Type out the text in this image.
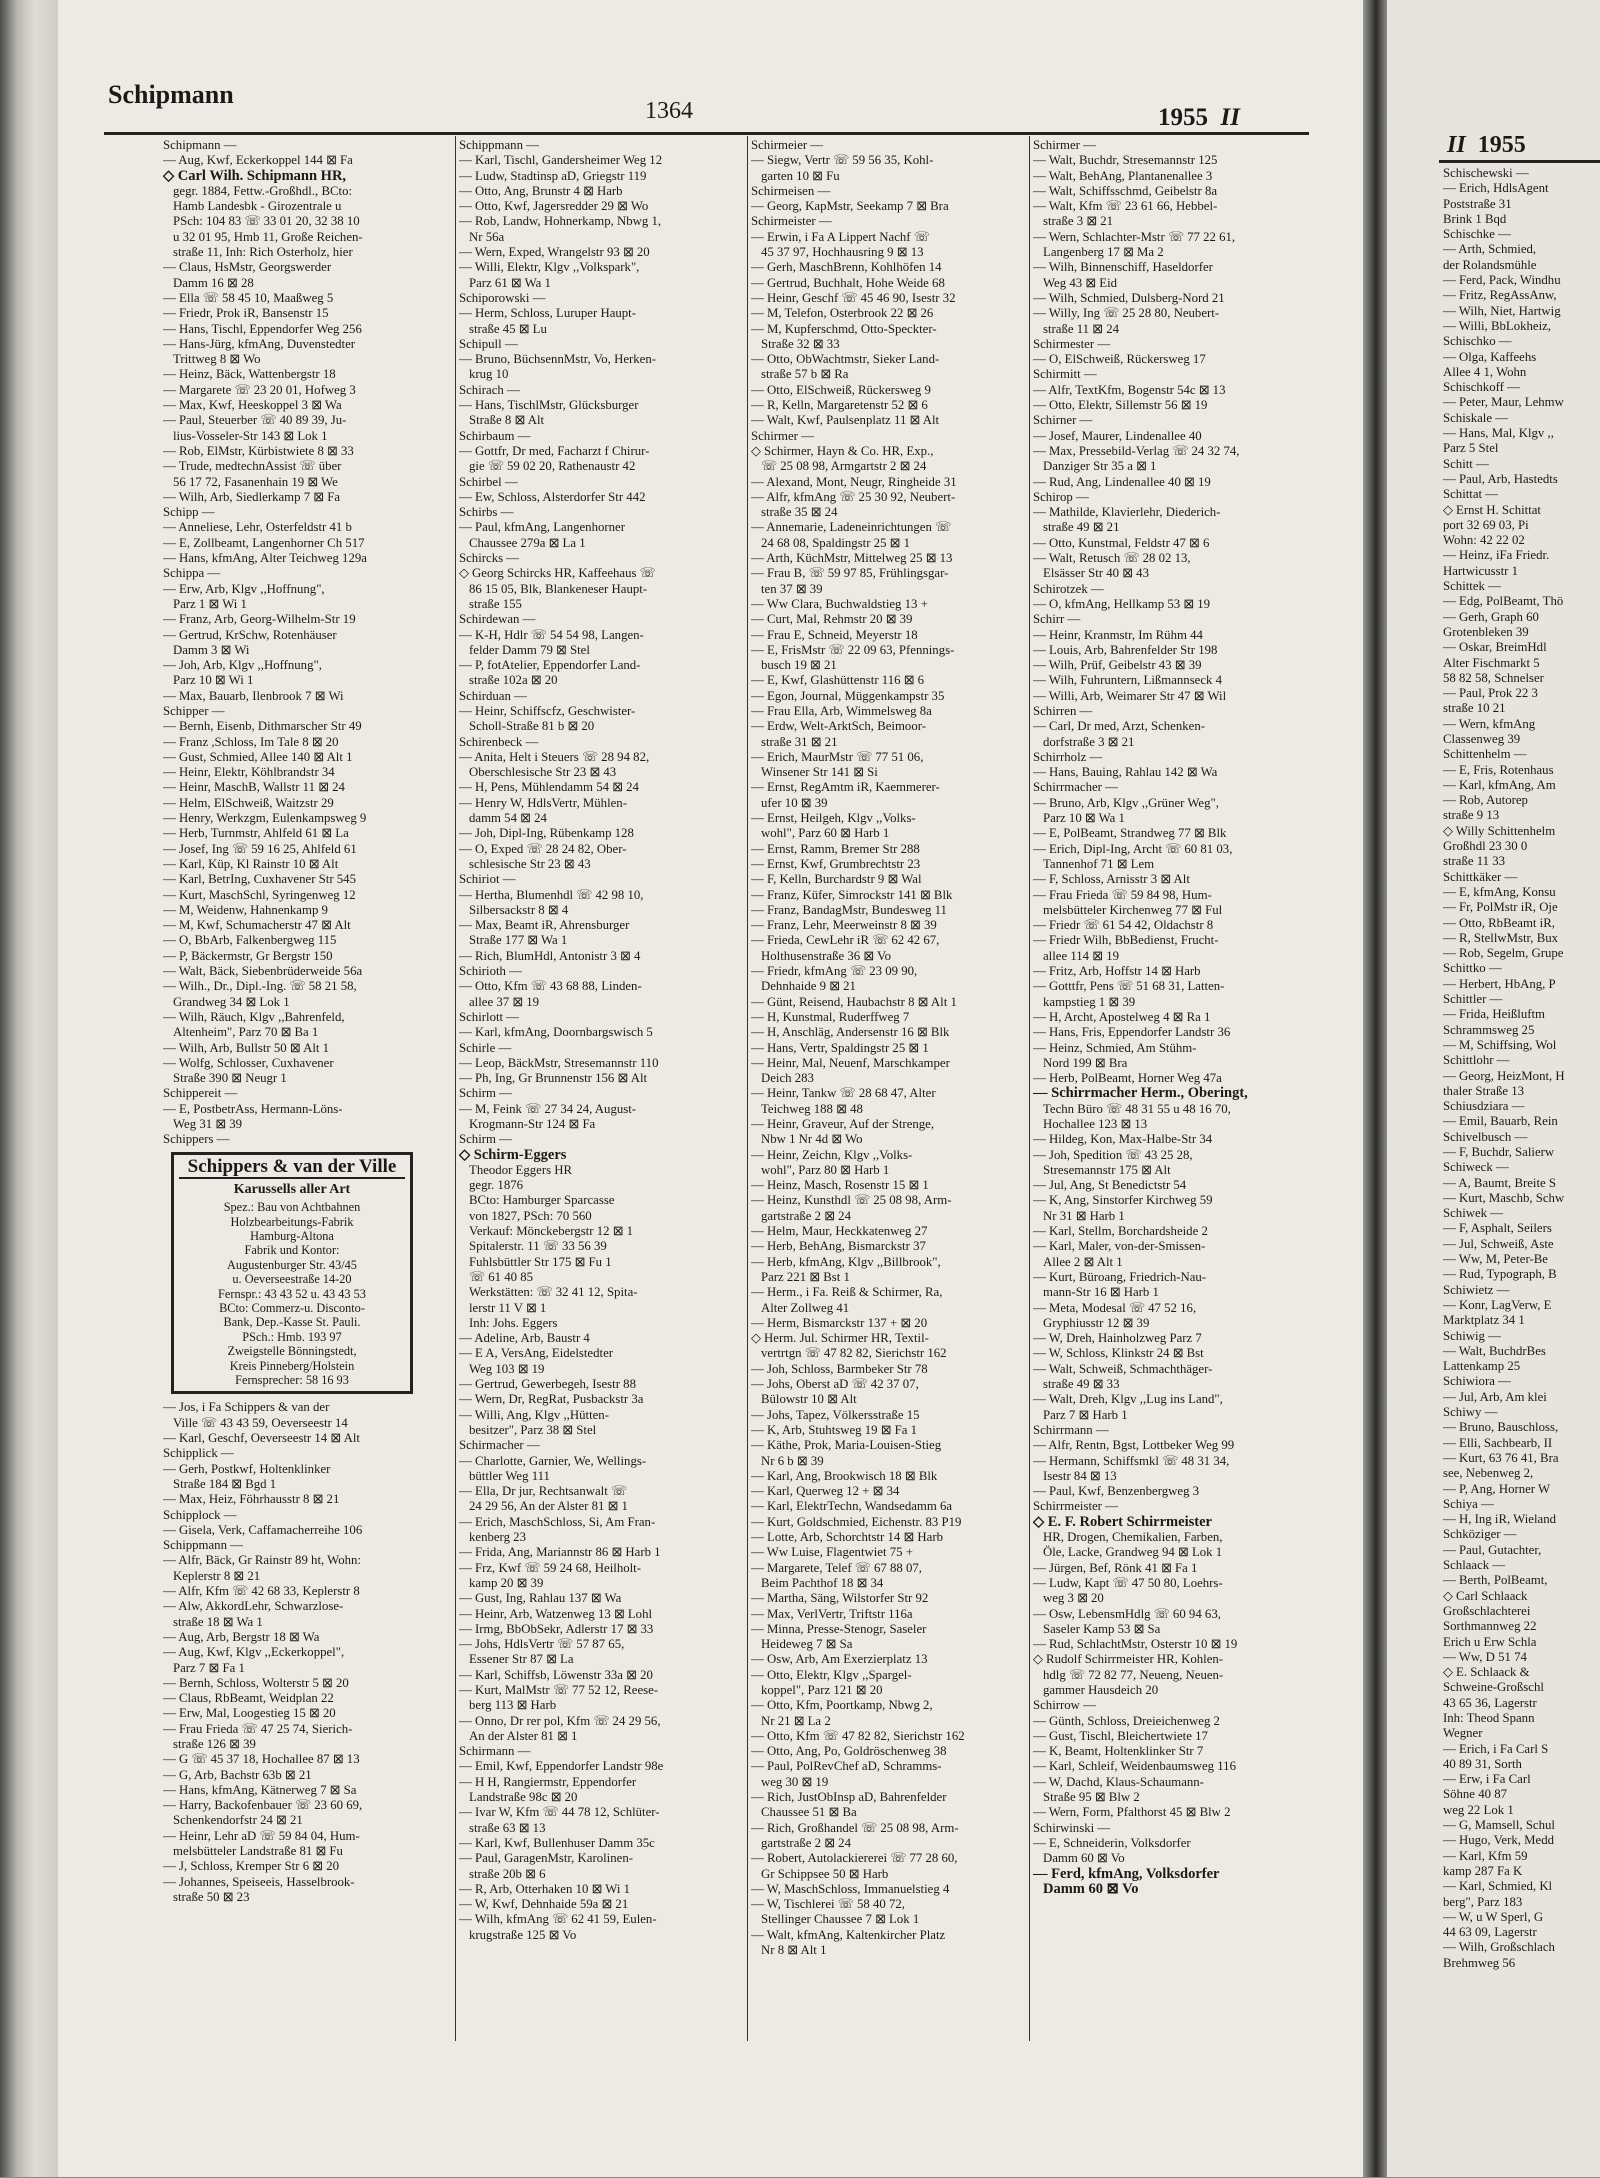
Schipmann
1364	1955 II
Schipmann —
— Aug, Kwf, Eckerkoppel 144 ⊠ Fa
◇ Carl Wilh. Schipmann HR,
gegr. 1884, Fettw.-Großhdl., BCto:
Hamb Landesbk - Girozentrale u
PSch: 104 83 ☏ 33 01 20, 32 38 10
u 32 01 95, Hmb 11, Große Reichen-
straße 11, Inh: Rich Osterholz, hier
— Claus, HsMstr, Georgswerder
Damm 16 ⊠ 28
— Ella ☏ 58 45 10, Maaßweg 5
— Friedr, Prok iR, Bansenstr 15
— Hans, Tischl, Eppendorfer Weg 256
— Hans-Jürg, kfmAng, Duvenstedter
Trittweg 8 ⊠ Wo
— Heinz, Bäck, Wattenbergstr 18
— Margarete ☏ 23 20 01, Hofweg 3
— Max, Kwf, Heeskoppel 3 ⊠ Wa
— Paul, Steuerber ☏ 40 89 39, Ju-
lius-Vosseler-Str 143 ⊠ Lok 1
— Rob, ElMstr, Kürbistwiete 8 ⊠ 33
— Trude, medtechnAssist ☏ über
56 17 72, Fasanenhain 19 ⊠ We
— Wilh, Arb, Siedlerkamp 7 ⊠ Fa
Schipp —
— Anneliese, Lehr, Osterfeldstr 41 b
— E, Zollbeamt, Langenhorner Ch 517
— Hans, kfmAng, Alter Teichweg 129a
Schippa —
— Erw, Arb, Klgv ,,Hoffnung",
Parz 1 ⊠ Wi 1
— Franz, Arb, Georg-Wilhelm-Str 19
— Gertrud, KrSchw, Rotenhäuser
Damm 3 ⊠ Wi
— Joh, Arb, Klgv ,,Hoffnung",
Parz 10 ⊠ Wi 1
— Max, Bauarb, Ilenbrook 7 ⊠ Wi
Schipper —
— Bernh, Eisenb, Dithmarscher Str 49
— Franz ,Schloss, Im Tale 8 ⊠ 20
— Gust, Schmied, Allee 140 ⊠ Alt 1
— Heinr, Elektr, Köhlbrandstr 34
— Heinr, MaschB, Wallstr 11 ⊠ 24
— Helm, ElSchweiß, Waitzstr 29
— Henry, Werkzgm, Eulenkampsweg 9
— Herb, Turnmstr, Ahlfeld 61 ⊠ La
— Josef, Ing ☏ 59 16 25, Ahlfeld 61
— Karl, Küp, Kl Rainstr 10 ⊠ Alt
— Karl, BetrIng, Cuxhavener Str 545
— Kurt, MaschSchl, Syringenweg 12
— M, Weidenw, Hahnenkamp 9
— M, Kwf, Schumacherstr 47 ⊠ Alt
— O, BbArb, Falkenbergweg 115
— P, Bäckermstr, Gr Bergstr 150
— Walt, Bäck, Siebenbrüderweide 56a
— Wilh., Dr., Dipl.-Ing. ☏ 58 21 58,
Grandweg 34 ⊠ Lok 1
— Wilh, Räuch, Klgv ,,Bahrenfeld,
Altenheim", Parz 70 ⊠ Ba 1
— Wilh, Arb, Bullstr 50 ⊠ Alt 1
— Wolfg, Schlosser, Cuxhavener
Straße 390 ⊠ Neugr 1
Schippereit —
— E, PostbetrAss, Hermann-Löns-
Weg 31 ⊠ 39
Schippers —
Schippers & van der Ville
Karussells aller Art
Spez.: Bau von Achtbahnen
Holzbearbeitungs-Fabrik
Hamburg-Altona
Fabrik und Kontor:
Augustenburger Str. 43/45
u. Oeverseestraße 14-20
Fernspr.: 43 43 52 u. 43 43 53
BCto: Commerz-u. Disconto-
Bank, Dep.-Kasse St. Pauli.
PSch.: Hmb. 193 97
Zweigstelle Bönningstedt,
Kreis Pinneberg/Holstein
Fernsprecher: 58 16 93
— Jos, i Fa Schippers & van der
Ville ☏ 43 43 59, Oeverseestr 14
— Karl, Geschf, Oeverseestr 14 ⊠ Alt
Schipplick —
— Gerh, Postkwf, Holtenklinker
Straße 184 ⊠ Bgd 1
— Max, Heiz, Föhrhausstr 8 ⊠ 21
Schipplock —
— Gisela, Verk, Caffamacherreihe 106
Schippmann —
— Alfr, Bäck, Gr Rainstr 89 ht, Wohn:
Keplerstr 8 ⊠ 21
— Alfr, Kfm ☏ 42 68 33, Keplerstr 8
— Alw, AkkordLehr, Schwarzlose-
straße 18 ⊠ Wa 1
— Aug, Arb, Bergstr 18 ⊠ Wa
— Aug, Kwf, Klgv ,,Eckerkoppel",
Parz 7 ⊠ Fa 1
— Bernh, Schloss, Wolterstr 5 ⊠ 20
— Claus, RbBeamt, Weidplan 22
— Erw, Mal, Loogestieg 15 ⊠ 20
— Frau Frieda ☏ 47 25 74, Sierich-
straße 126 ⊠ 39
— G ☏ 45 37 18, Hochallee 87 ⊠ 13
— G, Arb, Bachstr 63b ⊠ 21
— Hans, kfmAng, Kätnerweg 7 ⊠ Sa
— Harry, Backofenbauer ☏ 23 60 69,
Schenkendorfstr 24 ⊠ 21
— Heinr, Lehr aD ☏ 59 84 04, Hum-
melsbütteler Landstraße 81 ⊠ Fu
— J, Schloss, Kremper Str 6 ⊠ 20
— Johannes, Speiseeis, Hasselbrook-
straße 50 ⊠ 23
Schippmann —
— Karl, Tischl, Gandersheimer Weg 12
— Ludw, Stadtinsp aD, Griegstr 119
— Otto, Ang, Brunstr 4 ⊠ Harb
— Otto, Kwf, Jagersredder 29 ⊠ Wo
— Rob, Landw, Hohnerkamp, Nbwg 1,
Nr 56a
— Wern, Exped, Wrangelstr 93 ⊠ 20
— Willi, Elektr, Klgv ,,Volkspark",
Parz 61 ⊠ Wa 1
Schiporowski —
— Herm, Schloss, Luruper Haupt-
straße 45 ⊠ Lu
Schipull —
— Bruno, BüchsennMstr, Vo, Herken-
krug 10
Schirach —
— Hans, TischlMstr, Glücksburger
Straße 8 ⊠ Alt
Schirbaum —
— Gottfr, Dr med, Facharzt f Chirur-
gie ☏ 59 02 20, Rathenaustr 42
Schirbel —
— Ew, Schloss, Alsterdorfer Str 442
Schirbs —
— Paul, kfmAng, Langenhorner
Chaussee 279a ⊠ La 1
Schircks —
◇ Georg Schircks HR, Kaffeehaus ☏
86 15 05, Blk, Blankeneser Haupt-
straße 155
Schirdewan —
— K-H, Hdlr ☏ 54 54 98, Langen-
felder Damm 79 ⊠ Stel
— P, fotAtelier, Eppendorfer Land-
straße 102a ⊠ 20
Schirduan —
— Heinr, Schiffscfz, Geschwister-
Scholl-Straße 81 b ⊠ 20
Schirenbeck —
— Anita, Helt i Steuers ☏ 28 94 82,
Oberschlesische Str 23 ⊠ 43
— H, Pens, Mühlendamm 54 ⊠ 24
— Henry W, HdlsVertr, Mühlen-
damm 54 ⊠ 24
— Joh, Dipl-Ing, Rübenkamp 128
— O, Exped ☏ 28 24 82, Ober-
schlesische Str 23 ⊠ 43
Schiriot —
— Hertha, Blumenhdl ☏ 42 98 10,
Silbersackstr 8 ⊠ 4
— Max, Beamt iR, Ahrensburger
Straße 177 ⊠ Wa 1
— Rich, BlumHdl, Antonistr 3 ⊠ 4
Schirioth —
— Otto, Kfm ☏ 43 68 88, Linden-
allee 37 ⊠ 19
Schirlott —
— Karl, kfmAng, Doornbargswisch 5
Schirle —
— Leop, BäckMstr, Stresemannstr 110
— Ph, Ing, Gr Brunnenstr 156 ⊠ Alt
Schirm —
— M, Feink ☏ 27 34 24, August-
Krogmann-Str 124 ⊠ Fa
Schirm —
◇ Schirm-Eggers
Theodor Eggers HR
gegr. 1876
BCto: Hamburger Sparcasse
von 1827, PSch: 70 560
Verkauf: Mönckebergstr 12 ⊠ 1
Spitalerstr. 11 ☏ 33 56 39
Fuhlsbüttler Str 175 ⊠ Fu 1
☏ 61 40 85
Werkstätten: ☏ 32 41 12, Spita-
lerstr 11 V ⊠ 1
Inh: Johs. Eggers
— Adeline, Arb, Baustr 4
— E A, VersAng, Eidelstedter
Weg 103 ⊠ 19
— Gertrud, Gewerbegeh, Isestr 88
— Wern, Dr, RegRat, Pusbackstr 3a
— Willi, Ang, Klgv ,,Hütten-
besitzer", Parz 38 ⊠ Stel
Schirmacher —
— Charlotte, Garnier, We, Wellings-
büttler Weg 111
— Ella, Dr jur, Rechtsanwalt ☏
24 29 56, An der Alster 81 ⊠ 1
— Erich, MaschSchloss, Si, Am Fran-
kenberg 23
— Frida, Ang, Mariannstr 86 ⊠ Harb 1
— Frz, Kwf ☏ 59 24 68, Heilholt-
kamp 20 ⊠ 39
— Gust, Ing, Rahlau 137 ⊠ Wa
— Heinr, Arb, Watzenweg 13 ⊠ Lohl
— Irmg, BbObSekr, Adlerstr 17 ⊠ 33
— Johs, HdlsVertr ☏ 57 87 65,
Essener Str 87 ⊠ La
— Karl, Schiffsb, Löwenstr 33a ⊠ 20
— Kurt, MalMstr ☏ 77 52 12, Reese-
berg 113 ⊠ Harb
— Onno, Dr rer pol, Kfm ☏ 24 29 56,
An der Alster 81 ⊠ 1
Schirmann —
— Emil, Kwf, Eppendorfer Landstr 98e
— H H, Rangiermstr, Eppendorfer
Landstraße 98c ⊠ 20
— Ivar W, Kfm ☏ 44 78 12, Schlüter-
straße 63 ⊠ 13
— Karl, Kwf, Bullenhuser Damm 35c
— Paul, GaragenMstr, Karolinen-
straße 20b ⊠ 6
— R, Arb, Otterhaken 10 ⊠ Wi 1
— W, Kwf, Dehnhaide 59a ⊠ 21
— Wilh, kfmAng ☏ 62 41 59, Eulen-
krugstraße 125 ⊠ Vo
Schirmeier —
— Siegw, Vertr ☏ 59 56 35, Kohl-
garten 10 ⊠ Fu
Schirmeisen —
— Georg, KapMstr, Seekamp 7 ⊠ Bra
Schirmeister —
— Erwin, i Fa A Lippert Nachf ☏
45 37 97, Hochhausring 9 ⊠ 13
— Gerh, MaschBrenn, Kohlhöfen 14
— Gertrud, Buchhalt, Hohe Weide 68
— Heinr, Geschf ☏ 45 46 90, Isestr 32
— M, Telefon, Osterbrook 22 ⊠ 26
— M, Kupferschmd, Otto-Speckter-
Straße 32 ⊠ 33
— Otto, ObWachtmstr, Sieker Land-
straße 57 b ⊠ Ra
— Otto, ElSchweiß, Rückersweg 9
— R, Kelln, Margaretenstr 52 ⊠ 6
— Walt, Kwf, Paulsenplatz 11 ⊠ Alt
Schirmer —
◇ Schirmer, Hayn & Co. HR, Exp.,
☏ 25 08 98, Armgartstr 2 ⊠ 24
— Alexand, Mont, Neugr, Ringheide 31
— Alfr, kfmAng ☏ 25 30 92, Neubert-
straße 35 ⊠ 24
— Annemarie, Ladeneinrichtungen ☏
24 68 08, Spaldingstr 25 ⊠ 1
— Arth, KüchMstr, Mittelweg 25 ⊠ 13
— Frau B, ☏ 59 97 85, Frühlingsgar-
ten 37 ⊠ 39
— Ww Clara, Buchwaldstieg 13 +
— Curt, Mal, Rehmstr 20 ⊠ 39
— Frau E, Schneid, Meyerstr 18
— E, FrisMstr ☏ 22 09 63, Pfennings-
busch 19 ⊠ 21
— E, Kwf, Glashüttenstr 116 ⊠ 6
— Egon, Journal, Müggenkampstr 35
— Frau Ella, Arb, Wimmelsweg 8a
— Erdw, Welt-ArktSch, Beimoor-
straße 31 ⊠ 21
— Erich, MaurMstr ☏ 77 51 06,
Winsener Str 141 ⊠ Si
— Ernst, RegAmtm iR, Kaemmerer-
ufer 10 ⊠ 39
— Ernst, Heilgeh, Klgv ,,Volks-
wohl", Parz 60 ⊠ Harb 1
— Ernst, Ramm, Bremer Str 288
— Ernst, Kwf, Grumbrechtstr 23
— F, Kelln, Burchardstr 9 ⊠ Wal
— Franz, Küfer, Simrockstr 141 ⊠ Blk
— Franz, BandagMstr, Bundesweg 11
— Franz, Lehr, Meerweinstr 8 ⊠ 39
— Frieda, CewLehr iR ☏ 62 42 67,
Holthusenstraße 36 ⊠ Vo
— Friedr, kfmAng ☏ 23 09 90,
Dehnhaide 9 ⊠ 21
— Günt, Reisend, Haubachstr 8 ⊠ Alt 1
— H, Kunstmal, Ruderffweg 7
— H, Anschläg, Andersenstr 16 ⊠ Blk
— Hans, Vertr, Spaldingstr 25 ⊠ 1
— Heinr, Mal, Neuenf, Marschkamper
Deich 283
— Heinr, Tankw ☏ 28 68 47, Alter
Teichweg 188 ⊠ 48
— Heinr, Graveur, Auf der Strenge,
Nbw 1 Nr 4d ⊠ Wo
— Heinr, Zeichn, Klgv ,,Volks-
wohl", Parz 80 ⊠ Harb 1
— Heinz, Masch, Rosenstr 15 ⊠ 1
— Heinz, Kunsthdl ☏ 25 08 98, Arm-
gartstraße 2 ⊠ 24
— Helm, Maur, Heckkatenweg 27
— Herb, BehAng, Bismarckstr 37
— Herb, kfmAng, Klgv ,,Billbrook",
Parz 221 ⊠ Bst 1
— Herm., i Fa. Reiß & Schirmer, Ra,
Alter Zollweg 41
— Herm, Bismarckstr 137 + ⊠ 20
◇ Herm. Jul. Schirmer HR, Textil-
vertrtgn ☏ 47 82 82, Sierichstr 162
— Joh, Schloss, Barmbeker Str 78
— Johs, Oberst aD ☏ 42 37 07,
Bülowstr 10 ⊠ Alt
— Johs, Tapez, Völkersstraße 15
— K, Arb, Stuhtsweg 19 ⊠ Fa 1
— Käthe, Prok, Maria-Louisen-Stieg
Nr 6 b ⊠ 39
— Karl, Ang, Brookwisch 18 ⊠ Blk
— Karl, Querweg 12 + ⊠ 34
— Karl, ElektrTechn, Wandsedamm 6a
— Kurt, Goldschmied, Eichenstr. 83 P19
— Lotte, Arb, Schorchtstr 14 ⊠ Harb
— Ww Luise, Flagentwiet 75 +
— Margarete, Telef ☏ 67 88 07,
Beim Pachthof 18 ⊠ 34
— Martha, Säng, Wilstorfer Str 92
— Max, VerlVertr, Triftstr 116a
— Minna, Presse-Stenogr, Saseler
Heideweg 7 ⊠ Sa
— Osw, Arb, Am Exerzierplatz 13
— Otto, Elektr, Klgv ,,Spargel-
koppel", Parz 121 ⊠ 20
— Otto, Kfm, Poortkamp, Nbwg 2,
Nr 21 ⊠ La 2
— Otto, Kfm ☏ 47 82 82, Sierichstr 162
— Otto, Ang, Po, Goldröschenweg 38
— Paul, PolRevChef aD, Schramms-
weg 30 ⊠ 19
— Rich, JustObInsp aD, Bahrenfelder
Chaussee 51 ⊠ Ba
— Rich, Großhandel ☏ 25 08 98, Arm-
gartstraße 2 ⊠ 24
— Robert, Autolackiererei ☏ 77 28 60,
Gr Schippsee 50 ⊠ Harb
— W, MaschSchloss, Immanuelstieg 4
— W, Tischlerei ☏ 58 40 72,
Stellinger Chaussee 7 ⊠ Lok 1
— Walt, kfmAng, Kaltenkircher Platz
Nr 8 ⊠ Alt 1
Schirmer —
— Walt, Buchdr, Stresemannstr 125
— Walt, BehAng, Plantanenallee 3
— Walt, Schiffsschmd, Geibelstr 8a
— Walt, Kfm ☏ 23 61 66, Hebbel-
straße 3 ⊠ 21
— Wern, Schlachter-Mstr ☏ 77 22 61,
Langenberg 17 ⊠ Ma 2
— Wilh, Binnenschiff, Haseldorfer
Weg 43 ⊠ Eid
— Wilh, Schmied, Dulsberg-Nord 21
— Willy, Ing ☏ 25 28 80, Neubert-
straße 11 ⊠ 24
Schirmester —
— O, ElSchweiß, Rückersweg 17
Schirmitt —
— Alfr, TextKfm, Bogenstr 54c ⊠ 13
— Otto, Elektr, Sillemstr 56 ⊠ 19
Schirner —
— Josef, Maurer, Lindenallee 40
— Max, Pressebild-Verlag ☏ 24 32 74,
Danziger Str 35 a ⊠ 1
— Rud, Ang, Lindenallee 40 ⊠ 19
Schirop —
— Mathilde, Klavierlehr, Diederich-
straße 49 ⊠ 21
— Otto, Kunstmal, Feldstr 47 ⊠ 6
— Walt, Retusch ☏ 28 02 13,
Elsässer Str 40 ⊠ 43
Schirotzek —
— O, kfmAng, Hellkamp 53 ⊠ 19
Schirr —
— Heinr, Kranmstr, Im Rühm 44
— Louis, Arb, Bahrenfelder Str 198
— Wilh, Prüf, Geibelstr 43 ⊠ 39
— Wilh, Fuhruntern, Lißmannseck 4
— Willi, Arb, Weimarer Str 47 ⊠ Wil
Schirren —
— Carl, Dr med, Arzt, Schenken-
dorfstraße 3 ⊠ 21
Schirrholz —
— Hans, Bauing, Rahlau 142 ⊠ Wa
Schirrmacher —
— Bruno, Arb, Klgv ,,Grüner Weg",
Parz 10 ⊠ Wa 1
— E, PolBeamt, Strandweg 77 ⊠ Blk
— Erich, Dipl-Ing, Archt ☏ 60 81 03,
Tannenhof 71 ⊠ Lem
— F, Schloss, Arnisstr 3 ⊠ Alt
— Frau Frieda ☏ 59 84 98, Hum-
melsbütteler Kirchenweg 77 ⊠ Ful
— Friedr ☏ 61 54 42, Oldachstr 8
— Friedr Wilh, BbBedienst, Frucht-
allee 114 ⊠ 19
— Fritz, Arb, Hoffstr 14 ⊠ Harb
— Gotttfr, Pens ☏ 51 68 31, Latten-
kampstieg 1 ⊠ 39
— H, Archt, Apostelweg 4 ⊠ Ra 1
— Hans, Fris, Eppendorfer Landstr 36
— Heinz, Schmied, Am Stühm-
Nord 199 ⊠ Bra
— Herb, PolBeamt, Horner Weg 47a
— Schirrmacher Herm., Oberingt,
Techn Büro ☏ 48 31 55 u 48 16 70,
Hochallee 123 ⊠ 13
— Hildeg, Kon, Max-Halbe-Str 34
— Joh, Spedition ☏ 43 25 28,
Stresemannstr 175 ⊠ Alt
— Jul, Ang, St Benedictstr 54
— K, Ang, Sinstorfer Kirchweg 59
Nr 31 ⊠ Harb 1
— Karl, Stellm, Borchardsheide 2
— Karl, Maler, von-der-Smissen-
Allee 2 ⊠ Alt 1
— Kurt, Büroang, Friedrich-Nau-
mann-Str 16 ⊠ Harb 1
— Meta, Modesal ☏ 47 52 16,
Gryphiusstr 12 ⊠ 39
— W, Dreh, Hainholzweg Parz 7
— W, Schloss, Klinkstr 24 ⊠ Bst
— Walt, Schweiß, Schmachthäger-
straße 49 ⊠ 33
— Walt, Dreh, Klgv ,,Lug ins Land",
Parz 7 ⊠ Harb 1
Schirrmann —
— Alfr, Rentn, Bgst, Lottbeker Weg 99
— Hermann, Schiffsmkl ☏ 48 31 34,
Isestr 84 ⊠ 13
— Paul, Kwf, Benzenbergweg 3
Schirrmeister —
◇ E. F. Robert Schirrmeister
HR, Drogen, Chemikalien, Farben,
Öle, Lacke, Grandweg 94 ⊠ Lok 1
— Jürgen, Bef, Rönk 41 ⊠ Fa 1
— Ludw, Kapt ☏ 47 50 80, Loehrs-
weg 3 ⊠ 20
— Osw, LebensmHdlg ☏ 60 94 63,
Saseler Kamp 53 ⊠ Sa
— Rud, SchlachtMstr, Osterstr 10 ⊠ 19
◇ Rudolf Schirrmeister HR, Kohlen-
hdlg ☏ 72 82 77, Neueng, Neuen-
gammer Hausdeich 20
Schirrow —
— Günth, Schloss, Dreieichenweg 2
— Gust, Tischl, Bleichertwiete 17
— K, Beamt, Holtenklinker Str 7
— Karl, Schleif, Weidenbaumsweg 116
— W, Dachd, Klaus-Schaumann-
Straße 95 ⊠ Blw 2
— Wern, Form, Pfalthorst 45 ⊠ Blw 2
Schirwinski —
— E, Schneiderin, Volksdorfer
Damm 60 ⊠ Vo
— Ferd, kfmAng, Volksdorfer
Damm 60 ⊠ Vo
II 1955
Schischewski —
— Erich, HdlsAgent
Poststraße 31
Brink 1 Bqd
Schischke —
— Arth, Schmied,
der Rolandsmühle
— Ferd, Pack, Windhu
— Fritz, RegAssAnw,
— Wilh, Niet, Hartwig
— Willi, BbLokheiz,
Schischko —
— Olga, Kaffeehs
Allee 4 1, Wohn
Schischkoff —
— Peter, Maur, Lehmw
Schiskale —
— Hans, Mal, Klgv ,,
Parz 5 Stel
Schitt —
— Paul, Arb, Hastedts
Schittat —
◇ Ernst H. Schittat
port 32 69 03, Pi
Wohn: 42 22 02
— Heinz, iFa Friedr.
Hartwicusstr 1
Schittek —
— Edg, PolBeamt, Thö
— Gerh, Graph 60
Grotenbleken 39
— Oskar, BreimHdl
Alter Fischmarkt 5
58 82 58, Schnelser
— Paul, Prok 22 3
straße 10 21
— Wern, kfmAng
Classenweg 39
Schittenhelm —
— E, Fris, Rotenhaus
— Karl, kfmAng, Am
— Rob, Autorep
straße 9 13
◇ Willy Schittenhelm
Großhdl 23 30 0
straße 11 33
Schittkäker —
— E, kfmAng, Konsu
— Fr, PolMstr iR, Oje
— Otto, RbBeamt iR,
— R, StellwMstr, Bux
— Rob, Segelm, Grupe
Schittko —
— Herbert, HbAng, P
Schittler —
— Frida, Heißluftm
Schrammsweg 25
— M, Schiffsing, Wol
Schittlohr —
— Georg, HeizMont, H
thaler Straße 13
Schiusdziara —
— Emil, Bauarb, Rein
Schivelbusch —
— F, Buchdr, Salierw
Schiweck —
— A, Baumt, Breite S
— Kurt, Maschb, Schw
Schiwek —
— F, Asphalt, Seilers
— Jul, Schweiß, Aste
— Ww, M, Peter-Be
— Rud, Typograph, B
Schiwietz —
— Konr, LagVerw, E
Marktplatz 34 1
Schiwig —
— Walt, BuchdrBes
Lattenkamp 25
Schiwiora —
— Jul, Arb, Am klei
Schiwy —
— Bruno, Bauschloss,
— Elli, Sachbearb, II
— Kurt, 63 76 41, Bra
see, Nebenweg 2,
— P, Ang, Horner W
Schiya —
— H, Ing iR, Wieland
Schköziger —
— Paul, Gutachter,
Schlaack —
— Berth, PolBeamt,
◇ Carl Schlaack
Großschlachterei
Sorthmannweg 22
Erich u Erw Schla
— Ww, D 51 74
◇ E. Schlaack &
Schweine-Großschl
43 65 36, Lagerstr
Inh: Theod Spann
Wegner
— Erich, i Fa Carl S
40 89 31, Sorth
— Erw, i Fa Carl
Söhne 40 87
weg 22 Lok 1
— G, Mamsell, Schul
— Hugo, Verk, Medd
— Karl, Kfm 59
kamp 287 Fa K
— Karl, Schmied, Kl
berg", Parz 183
— W, u W Sperl, G
44 63 09, Lagerstr
— Wilh, Großschlach
Brehmweg 56
